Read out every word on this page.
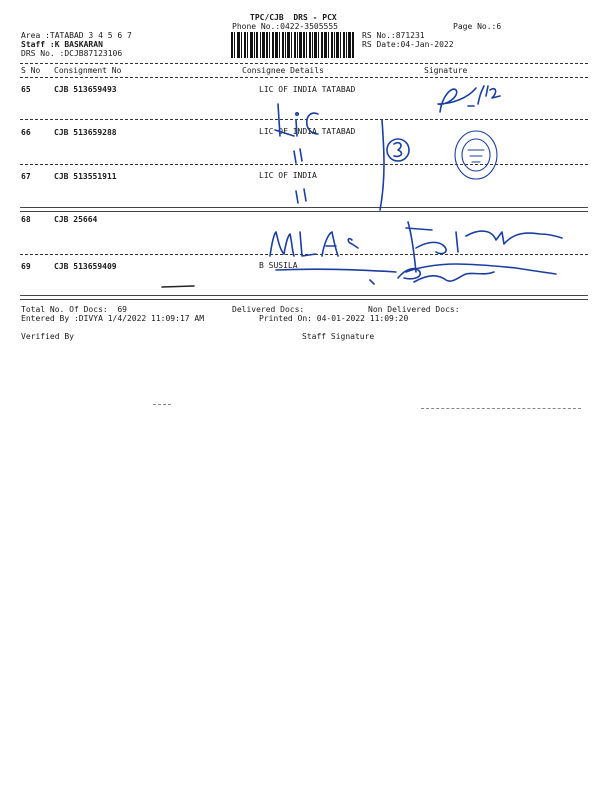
TPC/CJB  DRS - PCX
Phone No.:0422-3505555
Area :TATABAD 3 4 5 6 7
Staff :K BASKARAN
DRS No. :DCJB87123106
RS No.:871231
RS Date:04-Jan-2022
Page No.:6
S No Consignment No	Consignee Details	Signature
65	CJB 513659493	LIC OF INDIA TATABAD
66	CJB 513659288	LIC OF INDIA TATABAD
67	CJB 513551911	LIC OF INDIA
68	CJB 25664
69	CJB 513659409	B SUSILA
Total No. Of Docs:  69	Delivered Docs:	Non Delivered Docs:
Entered By :DIVYA 1/4/2022 11:09:17 AM	Printed On: 04-01-2022 11:09:20
Verified By	Staff Signature
